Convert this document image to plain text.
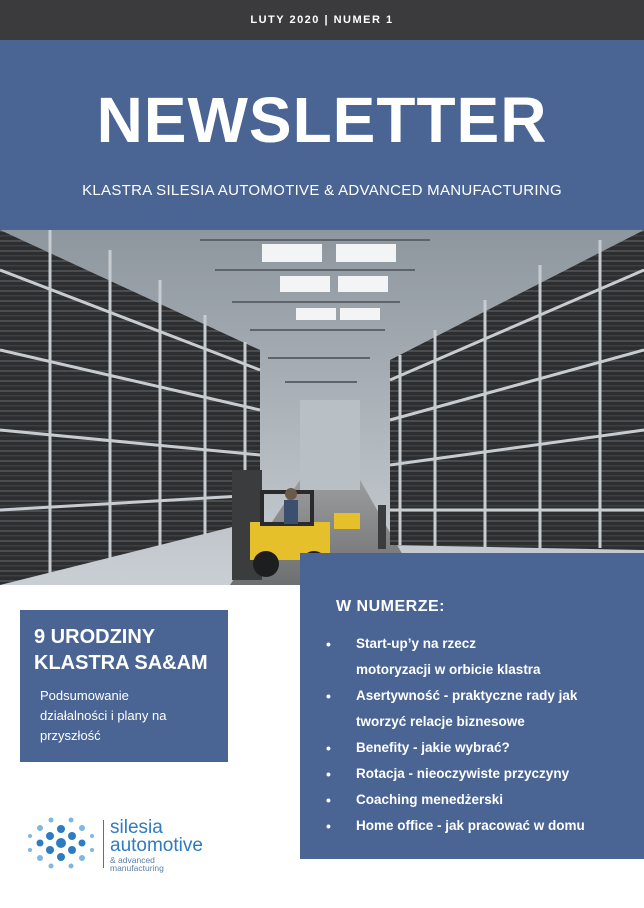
LUTY 2020 | NUMER 1
NEWSLETTER
KLASTRA SILESIA AUTOMOTIVE & ADVANCED MANUFACTURING
W NUMERZE:
• Start-up’y na rzecz
motoryzacji w orbicie klastra
• Asertywność - praktyczne rady jak
tworzyć relacje biznesowe
• Benefity - jakie wybrać?
• Rotacja - nieoczywiste przyczyny
• Coaching menedżerski
• Home office - jak pracować w domu
9 URODZINY
KLASTRA SA&AM
Podsumowanie
działalności i plany na
przyszłość
silesia
automotive
& advanced
manufacturing
